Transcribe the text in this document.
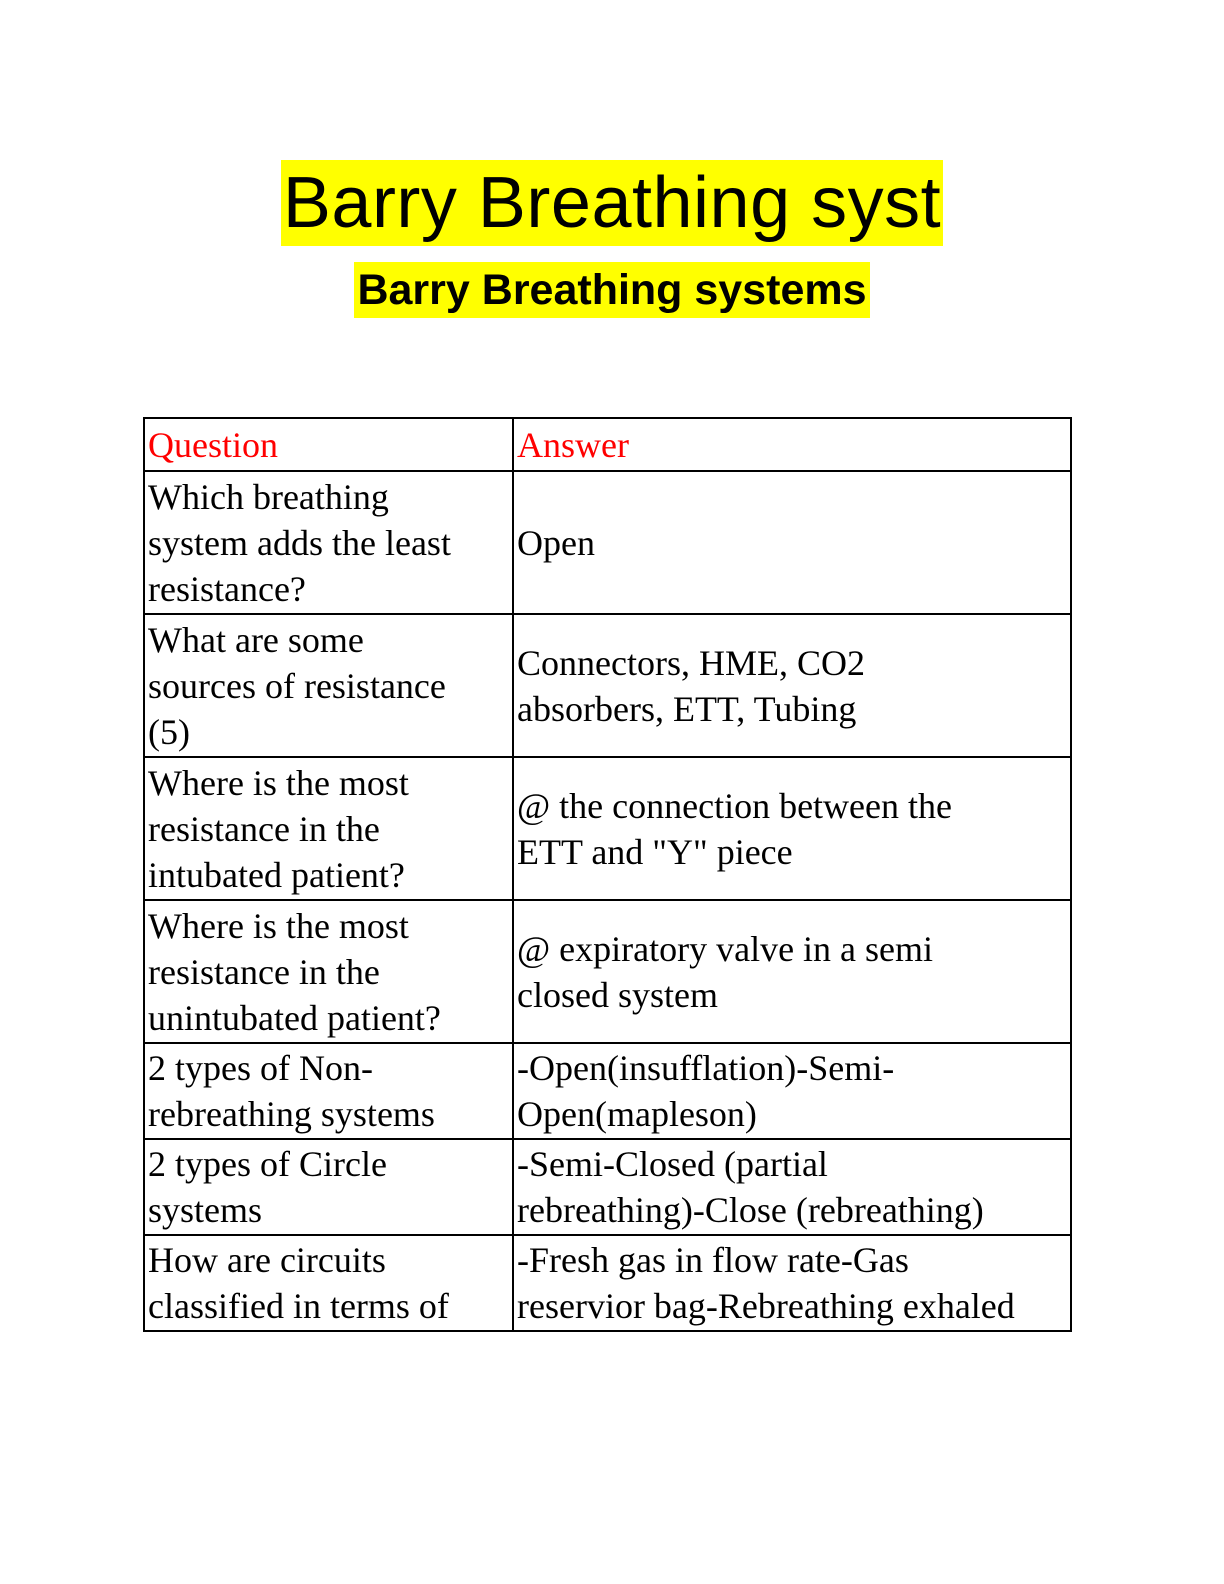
Barry Breathing syst
Barry Breathing systems
Question	Answer

Which breathing
system adds the least
resistance?	Open

What are some
sources of resistance
(5)	Connectors, HME, CO2
absorbers, ETT, Tubing

Where is the most
resistance in the
intubated patient?	@ the connection between the
ETT and "Y" piece

Where is the most
resistance in the
unintubated patient?	@ expiratory valve in a semi
closed system

2 types of Non-
rebreathing systems	-Open(insufflation)-Semi-
Open(mapleson)

2 types of Circle
systems	-Semi-Closed (partial
rebreathing)-Close (rebreathing)

How are circuits
classified in terms of	-Fresh gas in flow rate-Gas
reservior bag-Rebreathing exhaled
